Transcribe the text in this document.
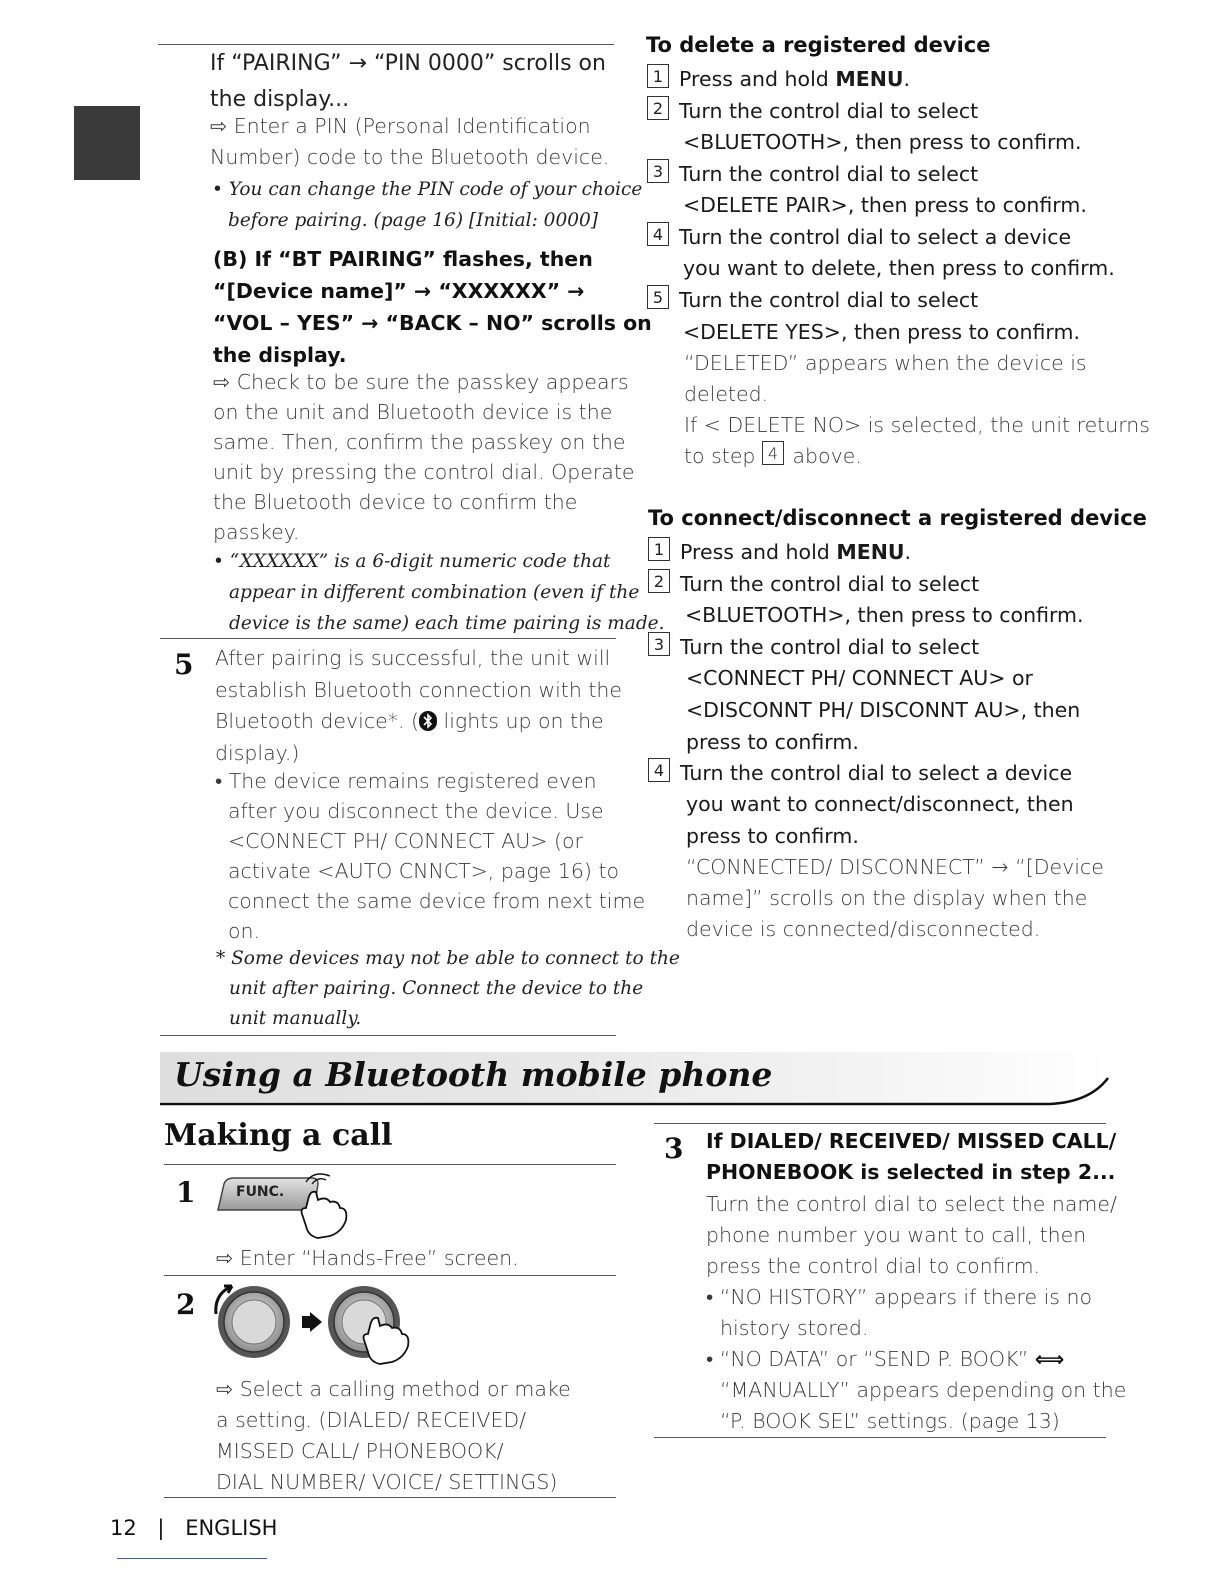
If “PAIRING” → “PIN 0000” scrolls on
the display...
⇨ Enter a PIN (Personal Identification
Number) code to the Bluetooth device.
• You can change the PIN code of your choice
before pairing. (page 16) [Initial: 0000]
(B) If “BT PAIRING” flashes, then
“[Device name]” → “XXXXXX” →
“VOL – YES” → “BACK – NO” scrolls on
the display.
⇨ Check to be sure the passkey appears
on the unit and Bluetooth device is the
same. Then, confirm the passkey on the
unit by pressing the control dial. Operate
the Bluetooth device to confirm the
passkey.
• “XXXXXX” is a 6-digit numeric code that
appear in different combination (even if the
device is the same) each time pairing is made.
5 After pairing is successful, the unit will
establish Bluetooth connection with the
Bluetooth device*. (
lights up on the
display.)
• The device remains registered even
after you disconnect the device. Use
<CONNECT PH/ CONNECT AU> (or
activate <AUTO CNNCT>, page 16) to
connect the same device from next time
on.
* Some devices may not be able to connect to the
unit after pairing. Connect the device to the
unit manually.
To delete a registered device
1 Press and hold MENU.
2 Turn the control dial to select
<BLUETOOTH>, then press to confirm.
3 Turn the control dial to select
<DELETE PAIR>, then press to confirm.
4 Turn the control dial to select a device
you want to delete, then press to confirm.
5 Turn the control dial to select
<DELETE YES>, then press to confirm.
“DELETED” appears when the device is
deleted.
If < DELETE NO> is selected, the unit returns
to step 4 above.
To connect/disconnect a registered device
1 Press and hold MENU.
2 Turn the control dial to select
<BLUETOOTH>, then press to confirm.
3 Turn the control dial to select
<CONNECT PH/ CONNECT AU> or
<DISCONNT PH/ DISCONNT AU>, then
press to confirm.
4 Turn the control dial to select a device
you want to connect/disconnect, then
press to confirm.
“CONNECTED/ DISCONNECT” → “[Device
name]” scrolls on the display when the
device is connected/disconnected.
Using a Bluetooth mobile phone
Making a call
1	FUNC.
⇨ Enter “Hands-Free” screen.
2
⇨ Select a calling method or make
a setting. (DIALED/ RECEIVED/
MISSED CALL/ PHONEBOOK/
DIAL NUMBER/ VOICE/ SETTINGS)
3 If DIALED/ RECEIVED/ MISSED CALL/
PHONEBOOK is selected in step 2...
Turn the control dial to select the name/
phone number you want to call, then
press the control dial to confirm.
• “NO HISTORY” appears if there is no
history stored.
• “NO DATA” or “SEND P. BOOK” ⟺
“MANUALLY” appears depending on the
“P. BOOK SEL” settings. (page 13)
12 | ENGLISH
